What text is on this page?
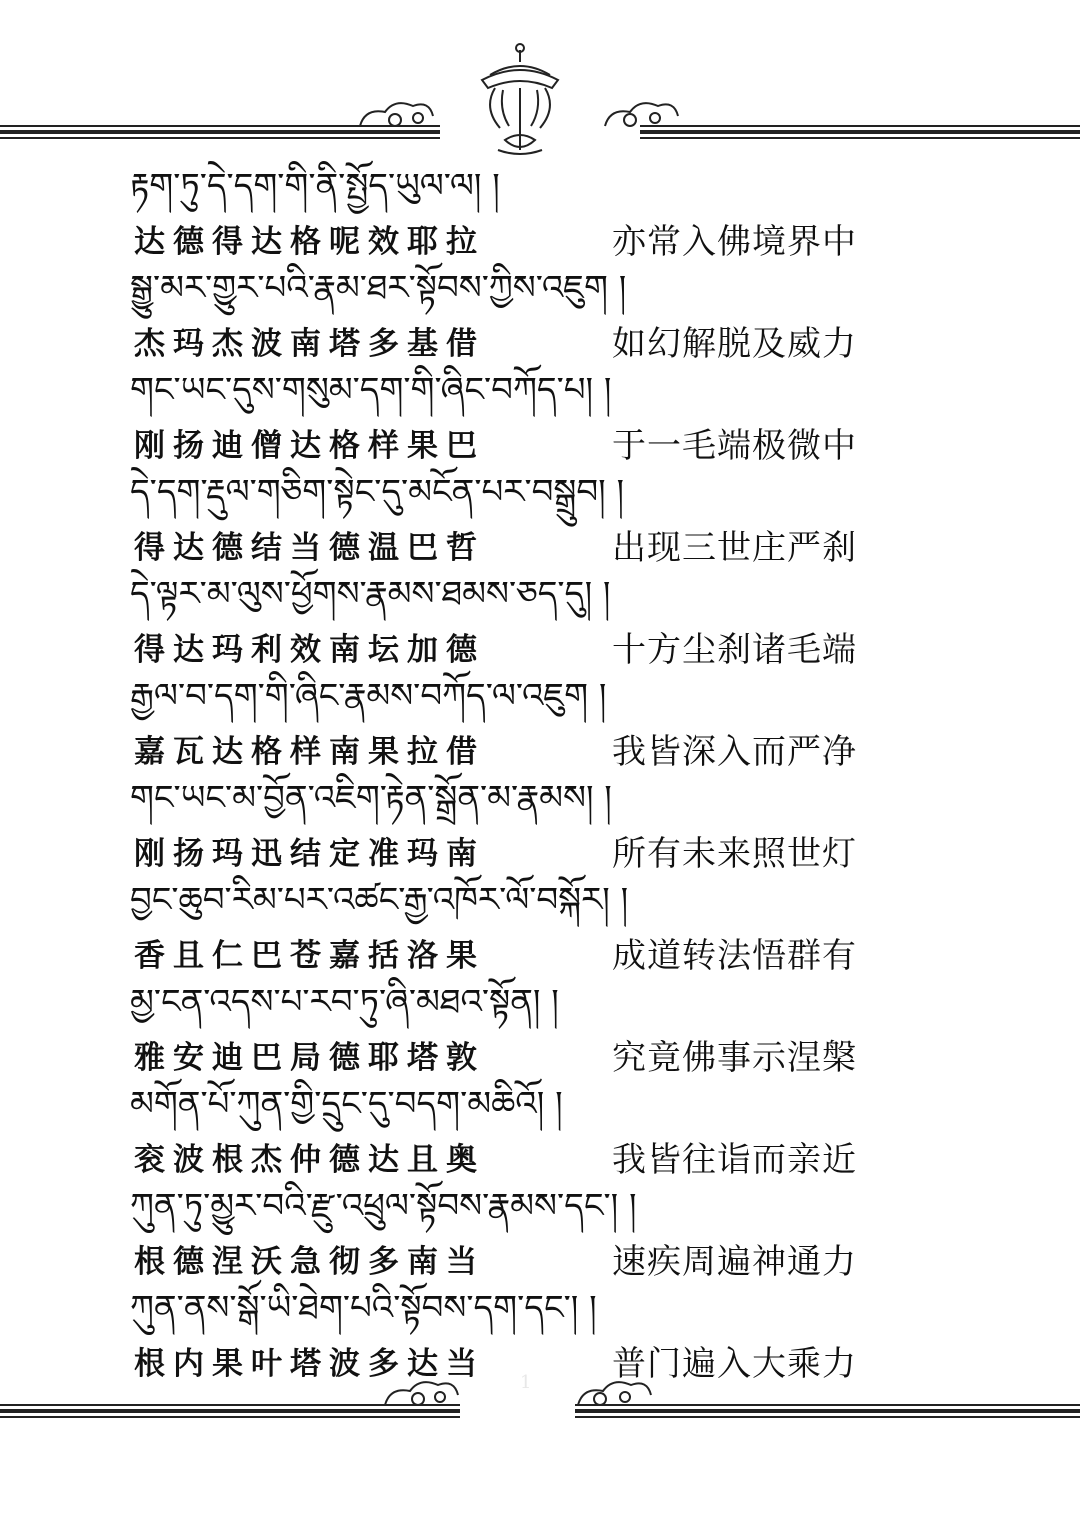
རྟག་ཏུ་དེ་དག་གི་ནི་སྤྱོད་ཡུལ་ལ། །
达德得达格呢效耶拉	亦常入佛境界中
སྒྱུ་མར་གྱུར་པའི་རྣམ་ཐར་སྟོབས་ཀྱིས་འཇུག །
杰玛杰波南塔多基借	如幻解脱及威力
གང་ཡང་དུས་གསུམ་དག་གི་ཞིང་བཀོད་པ། །
刚扬迪僧达格样果巴	于一毛端极微中
དེ་དག་རྡུལ་གཅིག་སྟེང་དུ་མངོན་པར་བསྒྲུབ། །
得达德结当德温巴哲	出现三世庄严刹
དེ་ལྟར་མ་ལུས་ཕྱོགས་རྣམས་ཐམས་ཅད་དུ། །
得达玛利效南坛加德	十方尘刹诸毛端
རྒྱལ་བ་དག་གི་ཞིང་རྣམས་བཀོད་ལ་འཇུག །
嘉瓦达格样南果拉借	我皆深入而严净
གང་ཡང་མ་བྱོན་འཇིག་རྟེན་སྒྲོན་མ་རྣམས། །
刚扬玛迅结定准玛南	所有未来照世灯
བྱང་ཆུབ་རིམ་པར་འཚང་རྒྱ་འཁོར་ལོ་བསྐོར། །
香且仁巴苍嘉括洛果	成道转法悟群有
མྱ་ངན་འདས་པ་རབ་ཏུ་ཞི་མཐའ་སྟོན། །
雅安迪巴局德耶塔敦	究竟佛事示涅槃
མགོན་པོ་ཀུན་གྱི་དྲུང་དུ་བདག་མཆིའོ། །
衮波根杰仲德达且奥	我皆往诣而亲近
ཀུན་ཏུ་མྱུར་བའི་རྫུ་འཕྲུལ་སྟོབས་རྣམས་དང་། །
根德涅沃急彻多南当	速疾周遍神通力
ཀུན་ནས་སྒོ་ཡི་ཐེག་པའི་སྟོབས་དག་དང་། །
根内果叶塔波多达当	普门遍入大乘力
1
